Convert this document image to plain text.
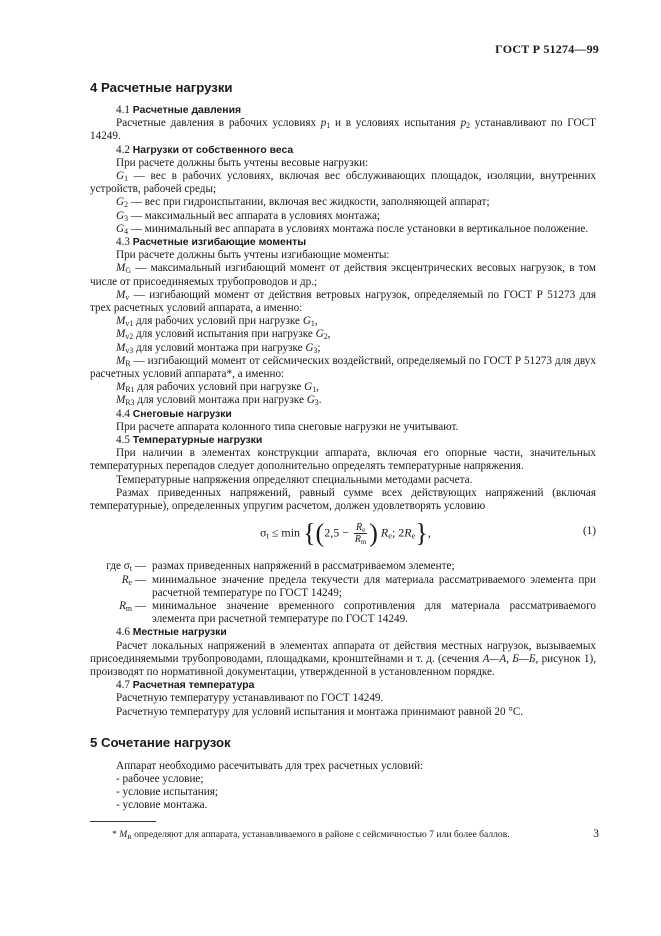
ГОСТ Р 51274—99
4 Расчетные нагрузки

4.1 Расчетные давления

Расчетные давления в рабочих условиях $p_1$ и в условиях испытания $p_2$ устанавливают по ГОСТ 14249.

4.2 Нагрузки от собственного веса

При расчете должны быть учтены весовые нагрузки:

$G_1$ — вес в рабочих условиях, включая вес обслуживающих площадок, изоляции, внутренних устройств, рабочей среды;

$G_2$ — вес при гидроиспытании, включая вес жидкости, заполняющей аппарат;

$G_3$ — максимальный вес аппарата в условиях монтажа;

$G_4$ — минимальный вес аппарата в условиях монтажа после установки в вертикальное положение.

4.3 Расчетные изгибающие моменты

При расчете должны быть учтены изгибающие моменты:

$M_G$ — максимальный изгибающий момент от действия эксцентрических весовых нагрузок, в том числе от присоединяемых трубопроводов и др.;

$M_v$ — изгибающий момент от действия ветровых нагрузок, определяемый по ГОСТ Р 51273 для трех расчетных условий аппарата, а именно:

$M_{v1}$ для рабочих условий при нагрузке $G_1$,

$M_{v2}$ для условий испытания при нагрузке $G_2$,

$M_{v3}$ для условий монтажа при нагрузке $G_3$;

$M_R$ — изгибающий момент от сейсмических воздействий, определяемый по ГОСТ Р 51273 для двух расчетных условий аппарата*, а именно:

$M_{R1}$ для рабочих условий при нагрузке $G_1$,

$M_{R3}$ для условий монтажа при нагрузке $G_3$.

4.4 Снеговые нагрузки

При расчете аппарата колонного типа снеговые нагрузки не учитывают.

4.5 Температурные нагрузки

При наличии в элементах конструкции аппарата, включая его опорные части, значительных температурных перепадов следует дополнительно определять температурные напряжения.

Температурные напряжения определяют специальными методами расчета.

Размах приведенных напряжений, равный сумме всех действующих напряжений (включая температурные), определенных упругим расчетом, должен удовлетворять условию

$\sigma_t \le \min \{(2,5 - \frac{R_e}{R_m}$ ) $R_e$; $2R_e$},	(1)
где $\sigma_t$ — размах приведенных напряжений в рассматриваемом элементе;
$R_e$ — минимальное значение предела текучести для материала рассматриваемого элемента при расчетной температуре по ГОСТ 14249;
$R_m$ — минимальное значение временного сопротивления для материала рассматриваемого элемента при расчетной температуре по ГОСТ 14249.

4.6 Местные нагрузки

Расчет локальных напряжений в элементах аппарата от действия местных нагрузок, вызываемых присоединяемыми трубопроводами, площадками, кронштейнами и т. д. (сечения А—А, Б—Б, рисунок 1), производят по нормативной документации, утвержденной в установленном порядке.

4.7 Расчетная температура

Расчетную температуру устанавливают по ГОСТ 14249.

Расчетную температуру для условий испытания и монтажа принимают равной 20 °С.

5 Сочетание нагрузок

Аппарат необходимо расечитывать для трех расчетных условий:

- рабочее условие;

- условие испытания;

- условие монтажа.

* $M_R$ определяют для аппарата, устанавливаемого в районе с сейсмичностью 7 или более баллов.	3
